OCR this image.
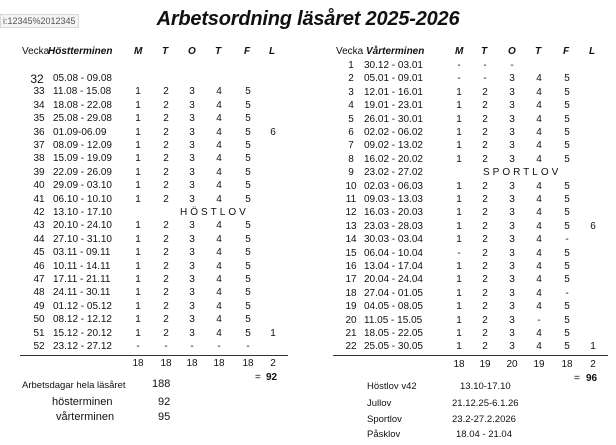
Arbetsordning läsåret 2025-2026
i:12345%2012345
Vecka
Höstterminen	Vecka Vårterminen
M T O T F L
32 05.08 - 09.08
33 11.08 - 15.08 1 2 3 4 5
34 18.08 - 22.08 1 2 3 4 5
35 25.08 - 29.08 1 2 3 4 5
36 01.09-06.09	1 2 3 4 5 6
37 08.09 - 12.09 1 2 3 4 5
38 15.09 - 19.09 1 2 3 4 5
39 22.09 - 26.09 1 2 3 4 5
40 29.09 - 03.10 1 2 3 4 5
41 06.10 - 10.10 1 2 3 4 5
42 13.10 - 17.10	HÖSTLOV
43 20.10 - 24.10 1 2 3 4 5
44 27.10 - 31.10 1 2 3 4 5
45 03.11 - 09.11 1 2 3 4 5
46 10.11 - 14.11 1 2 3 4 5
47 17.11 - 21.11 1 2 3 4 5
48 24.11 - 30.11 1 2 3 4 5
49 01.12 - 05.12 1 2 3 4 5
50 08.12 - 12.12 1 2 3 4 5
51 15.12 - 20.12 1 2 3 4 5 1
52 23.12 - 27.12	-	-	-	-	-
18 18 18 18 18	2
= 92
M T O T F L
1	30.12 - 03.01	-	-	-
2	05.01 - 09.01	-	-	3 4 5
3	12.01 - 16.01	1 2 3 4 5
4	19.01 - 23.01	1 2 3 4 5
5	26.01 - 30.01	1 2 3 4 5
6	02.02 - 06.02	1 2 3 4 5
7	09.02 - 13.02	1 2 3 4 5
8	16.02 - 20.02	1 2 3 4 5
9	23.02 - 27.02	SPORTLOV
10 02.03 - 06.03	1 2 3 4 5
11 09.03 - 13.03	1 2 3 4 5
12 16.03 - 20.03	1 2 3 4 5
13 23.03 - 28.03	1 2 3 4 5 6
14 30.03 - 03.04	1 2 3 4	-
15 06.04 - 10.04	-	2 3 4 5
16 13.04 - 17.04	1 2 3 4 5
17 20.04 - 24.04	1 2 3 4 5
18 27.04 - 01.05	1 2 3 4	-
19 04.05 - 08.05	1 2 3 4 5
20 11.05 - 15.05	1 2 3	-	5
21 18.05 - 22.05	1 2 3 4 5
22 25.05 - 30.05	1 2 3 4 5 1
18 19 20 19 18	2
= 96
Arbetsdagar hela läsåret 188
hösterminen	92
vårterminen	95
Höstlov v42	13.10-17.10
Jullov	21.12.25-6.1.26
Sportlov	23.2-27.2.2026
Påsklov	18.04 - 21.04
